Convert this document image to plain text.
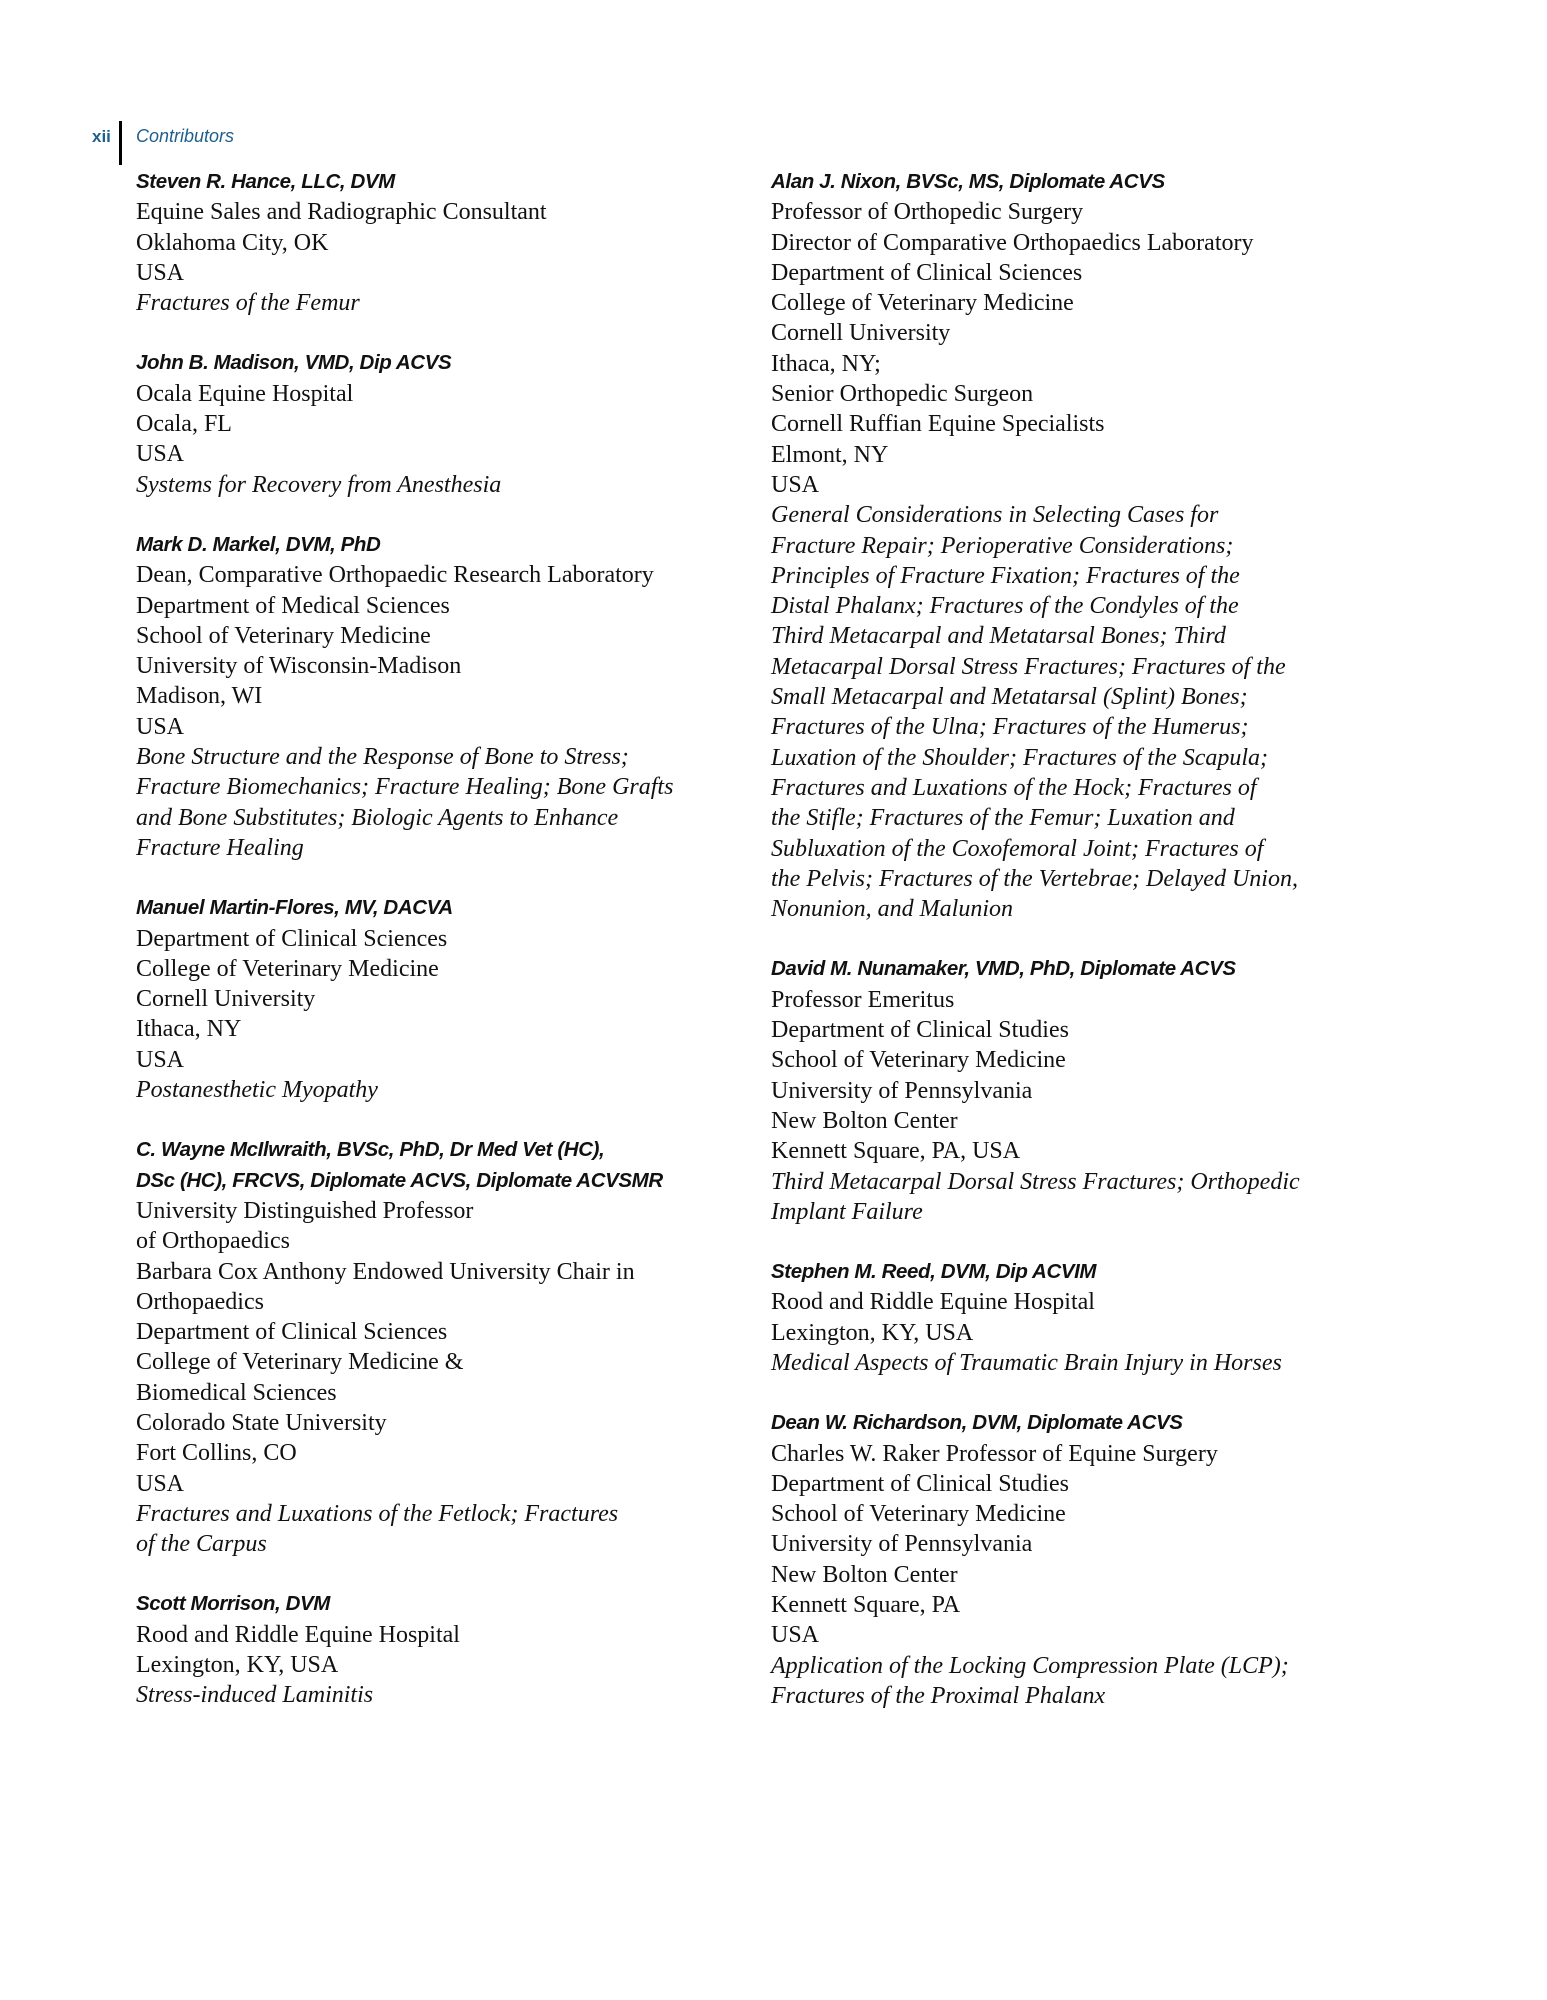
xii Contributors
Steven R. Hance, LLC, DVM
Equine Sales and Radiographic Consultant
Oklahoma City, OK
USA
Fractures of the Femur
John B. Madison, VMD, Dip ACVS
Ocala Equine Hospital
Ocala, FL
USA
Systems for Recovery from Anesthesia
Mark D. Markel, DVM, PhD
Dean, Comparative Orthopaedic Research Laboratory
Department of Medical Sciences
School of Veterinary Medicine
University of Wisconsin-Madison
Madison, WI
USA
Bone Structure and the Response of Bone to Stress;
Fracture Biomechanics; Fracture Healing; Bone Grafts
and Bone Substitutes; Biologic Agents to Enhance
Fracture Healing
Manuel Martin-Flores, MV, DACVA
Department of Clinical Sciences
College of Veterinary Medicine
Cornell University
Ithaca, NY
USA
Postanesthetic Myopathy
C. Wayne McIlwraith, BVSc, PhD, Dr Med Vet (HC),
DSc (HC), FRCVS, Diplomate ACVS, Diplomate ACVSMR
University Distinguished Professor
of Orthopaedics
Barbara Cox Anthony Endowed University Chair in
Orthopaedics
Department of Clinical Sciences
College of Veterinary Medicine &
Biomedical Sciences
Colorado State University
Fort Collins, CO
USA
Fractures and Luxations of the Fetlock; Fractures
of the Carpus
Scott Morrison, DVM
Rood and Riddle Equine Hospital
Lexington, KY, USA
Stress-induced Laminitis
Alan J. Nixon, BVSc, MS, Diplomate ACVS
Professor of Orthopedic Surgery
Director of Comparative Orthopaedics Laboratory
Department of Clinical Sciences
College of Veterinary Medicine
Cornell University
Ithaca, NY;
Senior Orthopedic Surgeon
Cornell Ruffian Equine Specialists
Elmont, NY
USA
General Considerations in Selecting Cases for
Fracture Repair; Perioperative Considerations;
Principles of Fracture Fixation; Fractures of the
Distal Phalanx; Fractures of the Condyles of the
Third Metacarpal and Metatarsal Bones; Third
Metacarpal Dorsal Stress Fractures; Fractures of the
Small Metacarpal and Metatarsal (Splint) Bones;
Fractures of the Ulna; Fractures of the Humerus;
Luxation of the Shoulder; Fractures of the Scapula;
Fractures and Luxations of the Hock; Fractures of
the Stifle; Fractures of the Femur; Luxation and
Subluxation of the Coxofemoral Joint; Fractures of
the Pelvis; Fractures of the Vertebrae; Delayed Union,
Nonunion, and Malunion
David M. Nunamaker, VMD, PhD, Diplomate ACVS
Professor Emeritus
Department of Clinical Studies
School of Veterinary Medicine
University of Pennsylvania
New Bolton Center
Kennett Square, PA, USA
Third Metacarpal Dorsal Stress Fractures; Orthopedic
Implant Failure
Stephen M. Reed, DVM, Dip ACVIM
Rood and Riddle Equine Hospital
Lexington, KY, USA
Medical Aspects of Traumatic Brain Injury in Horses
Dean W. Richardson, DVM, Diplomate ACVS
Charles W. Raker Professor of Equine Surgery
Department of Clinical Studies
School of Veterinary Medicine
University of Pennsylvania
New Bolton Center
Kennett Square, PA
USA
Application of the Locking Compression Plate (LCP);
Fractures of the Proximal Phalanx
